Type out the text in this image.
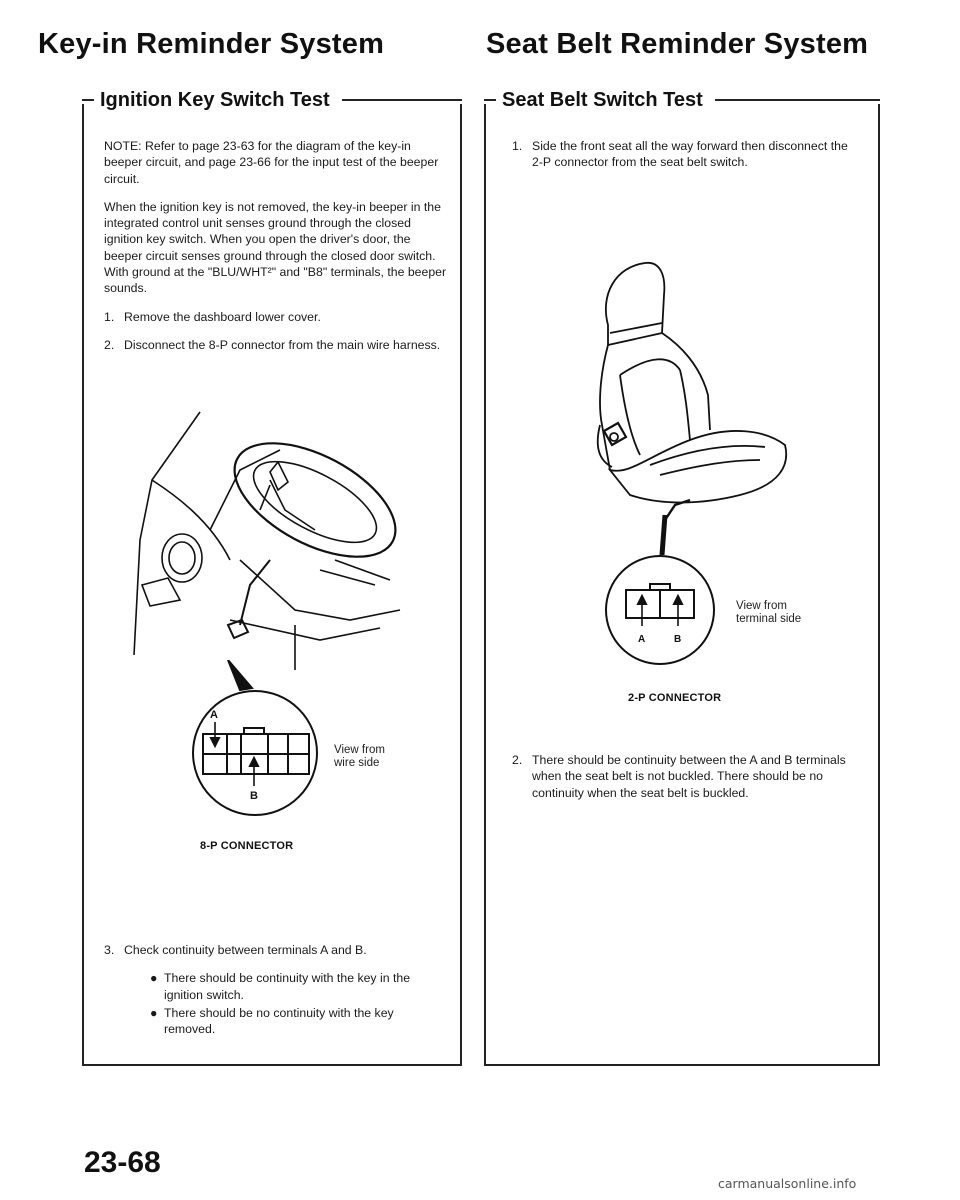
Key-in Reminder System	Seat Belt Reminder System
Ignition Key Switch Test	Seat Belt Switch Test

NOTE: Refer to page 23-63 for the diagram of the key-in beeper circuit, and page 23-66 for the input test of the beeper circuit.

When the ignition key is not removed, the key-in beeper in the integrated control unit senses ground through the closed ignition key switch. When you open the driver's door, the beeper circuit senses ground through the closed door switch. With ground at the "BLU/WHT²" and "B8" terminals, the beeper sounds.

1. Remove the dashboard lower cover.
2. Disconnect the 8-P connector from the main wire harness.
A
B
View from wire side
8-P CONNECTOR
3. Check continuity between terminals A and B.
● There should be continuity with the key in the ignition switch.
● There should be no continuity with the key removed.
1. Side the front seat all the way forward then disconnect the 2-P connector from the seat belt switch.
A	B
View from terminal side
2-P CONNECTOR
2. There should be continuity between the A and B terminals when the seat belt is not buckled. There should be no continuity when the seat belt is buckled.
23-68
carmanualsonline.info
